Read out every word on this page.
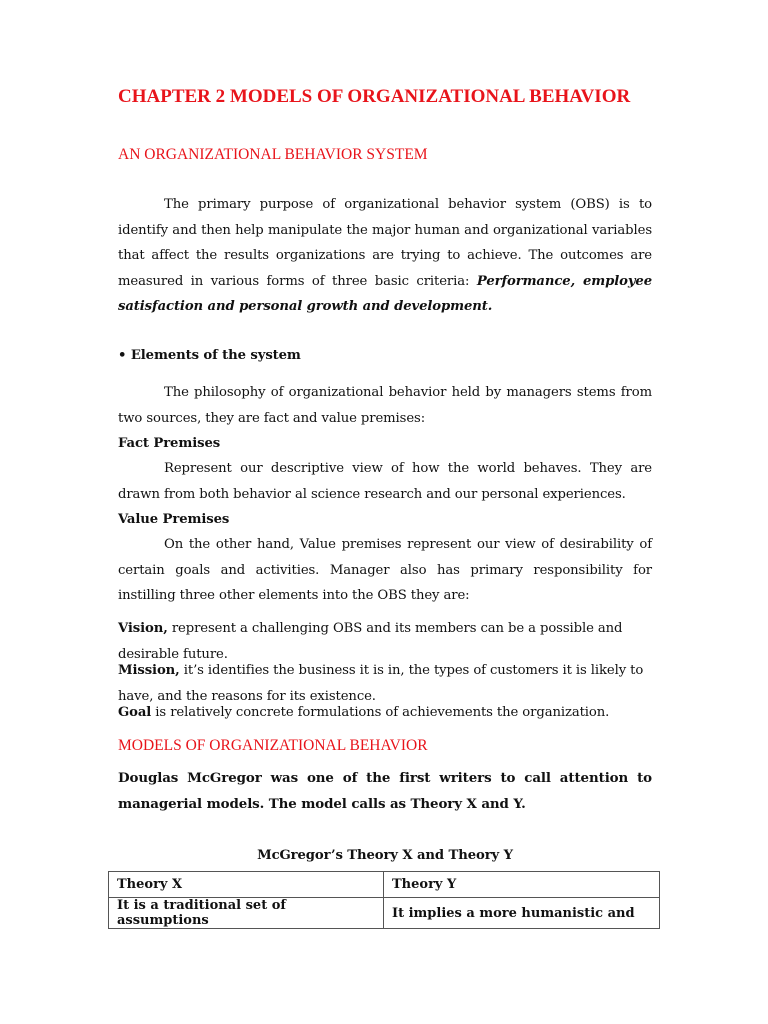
CHAPTER 2 MODELS OF ORGANIZATIONAL BEHAVIOR
AN ORGANIZATIONAL BEHAVIOR SYSTEM

The primary purpose of organizational behavior system (OBS) is to identify and then help manipulate the major human and organizational variables that affect the results organizations are trying to achieve. The outcomes are measured in various forms of three basic criteria: Performance, employee satisfaction and personal growth and development.

• Elements of the system

The philosophy of organizational behavior held by managers stems from two sources, they are fact and value premises:

Fact Premises

Represent our descriptive view of how the world behaves. They are drawn from both behavior al science research and our personal experiences.

Value Premises

On the other hand, Value premises represent our view of desirability of certain goals and activities. Manager also has primary responsibility for instilling three other elements into the OBS they are:

Vision, represent a challenging OBS and its members can be a possible and desirable future.

Mission, it’s identifies the business it is in, the types of customers it is likely to have, and the reasons for its existence.

Goal is relatively concrete formulations of achievements the organization.

MODELS OF ORGANIZATIONAL BEHAVIOR

Douglas McGregor was one of the first writers to call attention to managerial models. The model calls as Theory X and Y.

McGregor’s Theory X and Theory Y

Theory X	Theory Y
It is a traditional set of assumptions	It implies a more humanistic and
